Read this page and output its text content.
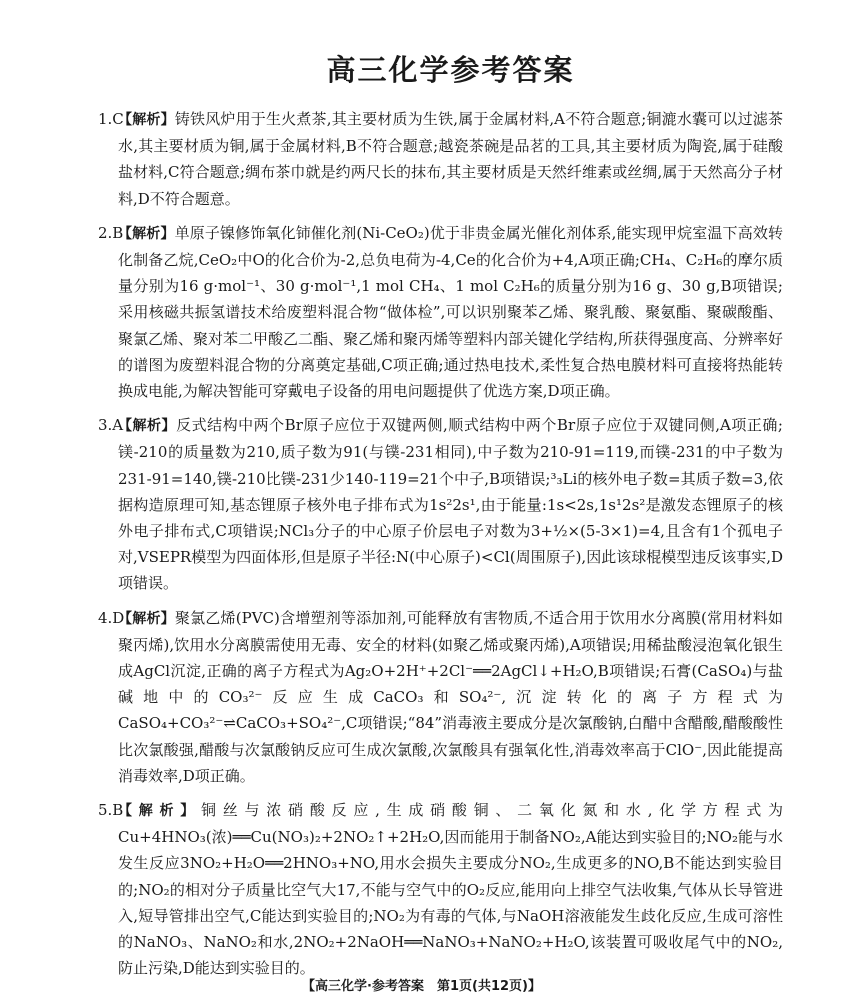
高三化学参考答案
1.C

【解析】铸铁风炉用于生火煮茶,其主要材质为生铁,属于金属材料,A不符合题意;铜漉水囊可以过滤茶水,其主要材质为铜,属于金属材料,B不符合题意;越瓷茶碗是品茗的工具,其主要材质为陶瓷,属于硅酸盐材料,C符合题意;绸布茶巾就是约两尺长的抹布,其主要材质是天然纤维素或丝绸,属于天然高分子材料,D不符合题意。

2.B

【解析】单原子镍修饰氧化铈催化剂(Ni-CeO₂)优于非贵金属光催化剂体系,能实现甲烷室温下高效转化制备乙烷,CeO₂中O的化合价为-2,总负电荷为-4,Ce的化合价为+4,A项正确;CH₄、C₂H₆的摩尔质量分别为16 g·mol⁻¹、30 g·mol⁻¹,1 mol CH₄、1 mol C₂H₆的质量分别为16 g、30 g,B项错误;采用核磁共振氢谱技术给废塑料混合物“做体检”,可以识别聚苯乙烯、聚乳酸、聚氨酯、聚碳酸酯、聚氯乙烯、聚对苯二甲酸乙二酯、聚乙烯和聚丙烯等塑料内部关键化学结构,所获得强度高、分辨率好的谱图为废塑料混合物的分离奠定基础,C项正确;通过热电技术,柔性复合热电膜材料可直接将热能转换成电能,为解决智能可穿戴电子设备的用电问题提供了优选方案,D项正确。

3.A

【解析】反式结构中两个Br原子应位于双键两侧,顺式结构中两个Br原子应位于双键同侧,A项正确;镁-210的质量数为210,质子数为91(与镤-231相同),中子数为210-91=119,而镤-231的中子数为231-91=140,镤-210比镤-231少140-119=21个中子,B项错误;³₃Li的核外电子数=其质子数=3,依据构造原理可知,基态锂原子核外电子排布式为1s²2s¹,由于能量:1s<2s,1s¹2s²是激发态锂原子的核外电子排布式,C项错误;NCl₃分子的中心原子价层电子对数为3+½×(5-3×1)=4,且含有1个孤电子对,VSEPR模型为四面体形,但是原子半径:N(中心原子)<Cl(周围原子),因此该球棍模型违反该事实,D项错误。

4.D

【解析】聚氯乙烯(PVC)含增塑剂等添加剂,可能释放有害物质,不适合用于饮用水分离膜(常用材料如聚丙烯),饮用水分离膜需使用无毒、安全的材料(如聚乙烯或聚丙烯),A项错误;用稀盐酸浸泡氧化银生成AgCl沉淀,正确的离子方程式为Ag₂O+2H⁺+2Cl⁻══2AgCl↓+H₂O,B项错误;石膏(CaSO₄)与盐碱地中的CO₃²⁻反应生成CaCO₃和SO₄²⁻,沉淀转化的离子方程式为CaSO₄+CO₃²⁻⇌CaCO₃+SO₄²⁻,C项错误;“84”消毒液主要成分是次氯酸钠,白醋中含醋酸,醋酸酸性比次氯酸强,醋酸与次氯酸钠反应可生成次氯酸,次氯酸具有强氧化性,消毒效率高于ClO⁻,因此能提高消毒效率,D项正确。

5.B

【解析】铜丝与浓硝酸反应,生成硝酸铜、二氧化氮和水,化学方程式为Cu+4HNO₃(浓)══Cu(NO₃)₂+2NO₂↑+2H₂O,因而能用于制备NO₂,A能达到实验目的;NO₂能与水发生反应3NO₂+H₂O══2HNO₃+NO,用水会损失主要成分NO₂,生成更多的NO,B不能达到实验目的;NO₂的相对分子质量比空气大17,不能与空气中的O₂反应,能用向上排空气法收集,气体从长导管进入,短导管排出空气,C能达到实验目的;NO₂为有毒的气体,与NaOH溶液能发生歧化反应,生成可溶性的NaNO₃、NaNO₂和水,2NO₂+2NaOH══NaNO₃+NaNO₂+H₂O,该装置可吸收尾气中的NO₂,防止污染,D能达到实验目的。

【高三化学·参考答案　第1页(共12页)】
